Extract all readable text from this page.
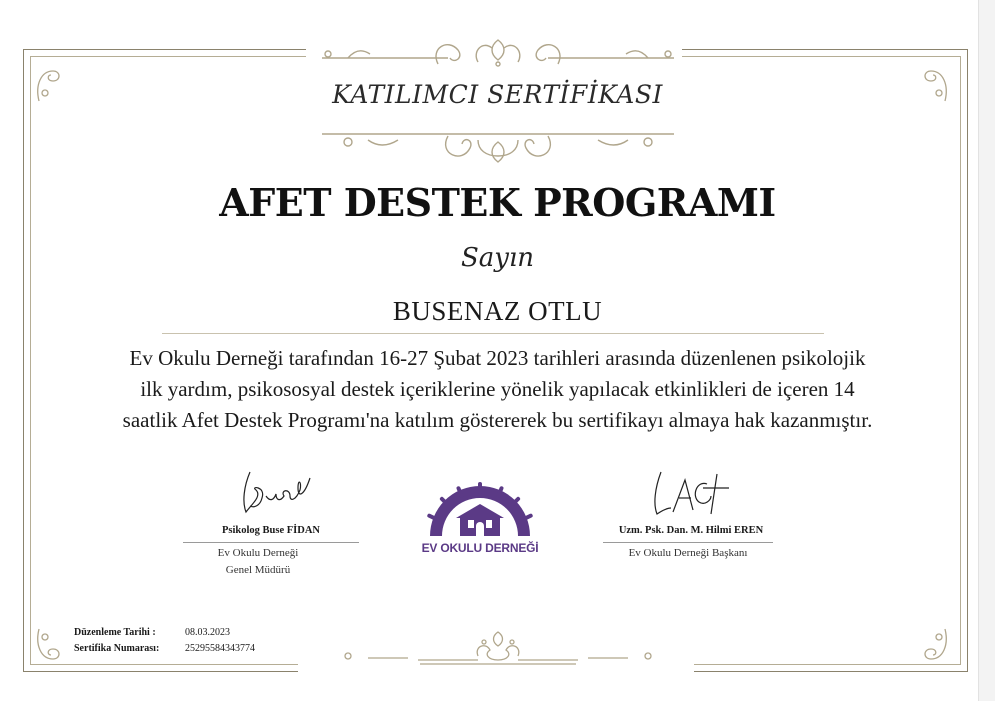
KATILIMCI SERTİFİKASI
AFET DESTEK PROGRAMI
Sayın
BUSENAZ OTLU
Ev Okulu Derneği tarafından 16-27 Şubat 2023 tarihleri arasında düzenlenen psikolojik
ilk yardım, psikososyal destek içeriklerine yönelik yapılacak etkinlikleri de içeren 14
saatlik Afet Destek Programı'na katılım göstererek bu sertifikayı almaya hak kazanmıştır.
Psikolog Buse FİDAN
Ev Okulu Derneği
Genel Müdürü
EV OKULU DERNEĞİ
Uzm. Psk. Dan. M. Hilmi EREN
Ev Okulu Derneği Başkanı
Düzenleme Tarihi :	08.03.2023
Sertifika Numarası:	25295584343774
